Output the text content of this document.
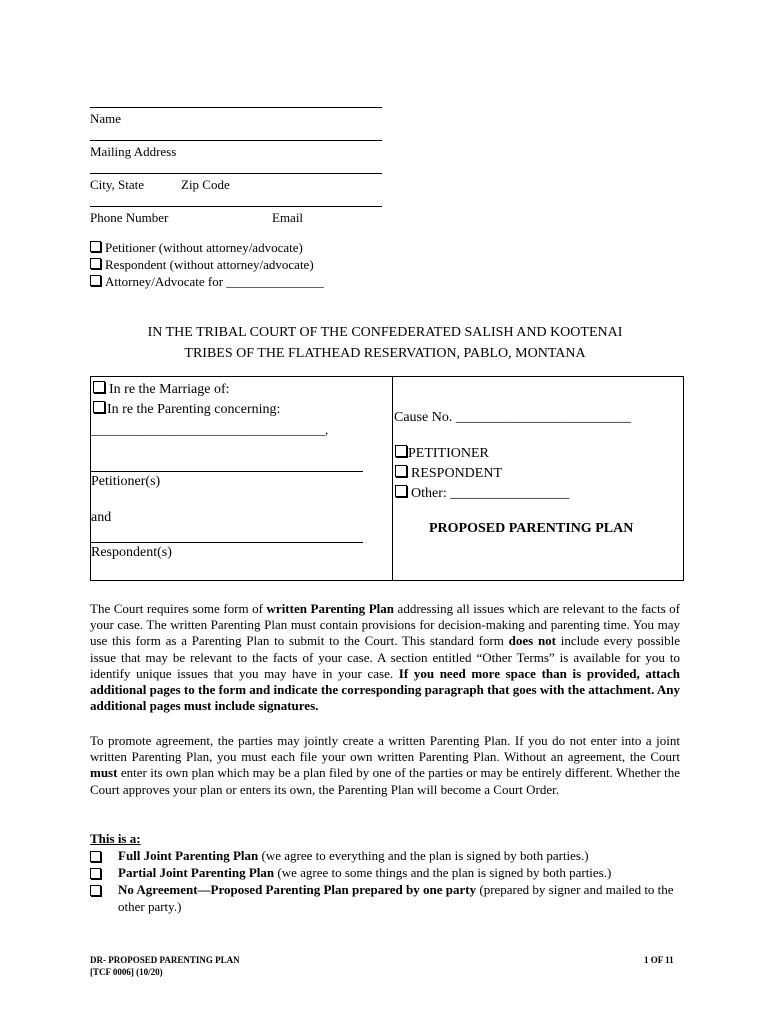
Name
Mailing Address
City, State	Zip Code
Phone Number	Email
Petitioner (without attorney/advocate)
Respondent (without attorney/advocate)
Attorney/Advocate for _______________
IN THE TRIBAL COURT OF THE CONFEDERATED SALISH AND KOOTENAI
TRIBES OF THE FLATHEAD RESERVATION, PABLO, MONTANA
In re the Marriage of:
In re the Parenting concerning:
____________________________________,
Petitioner(s)
and
Respondent(s)
Cause No. _________________________
PETITIONER
RESPONDENT
Other: _________________
PROPOSED PARENTING PLAN
The Court requires some form of written Parenting Plan addressing all issues which are relevant to the facts of your case. The written Parenting Plan must contain provisions for decision-making and parenting time. You may use this form as a Parenting Plan to submit to the Court. This standard form does not include every possible issue that may be relevant to the facts of your case. A section entitled “Other Terms” is available for you to identify unique issues that you may have in your case. If you need more space than is provided, attach additional pages to the form and indicate the corresponding paragraph that goes with the attachment. Any additional pages must include signatures.
To promote agreement, the parties may jointly create a written Parenting Plan. If you do not enter into a joint written Parenting Plan, you must each file your own written Parenting Plan. Without an agreement, the Court must enter its own plan which may be a plan filed by one of the parties or may be entirely different. Whether the Court approves your plan or enters its own, the Parenting Plan will become a Court Order.
This is a:
Full Joint Parenting Plan (we agree to everything and the plan is signed by both parties.)
Partial Joint Parenting Plan (we agree to some things and the plan is signed by both parties.)
No Agreement—Proposed Parenting Plan prepared by one party (prepared by signer and mailed to the other party.)
DR- PROPOSED PARENTING PLAN
[TCF 0006] (10/20)
1 OF 11
